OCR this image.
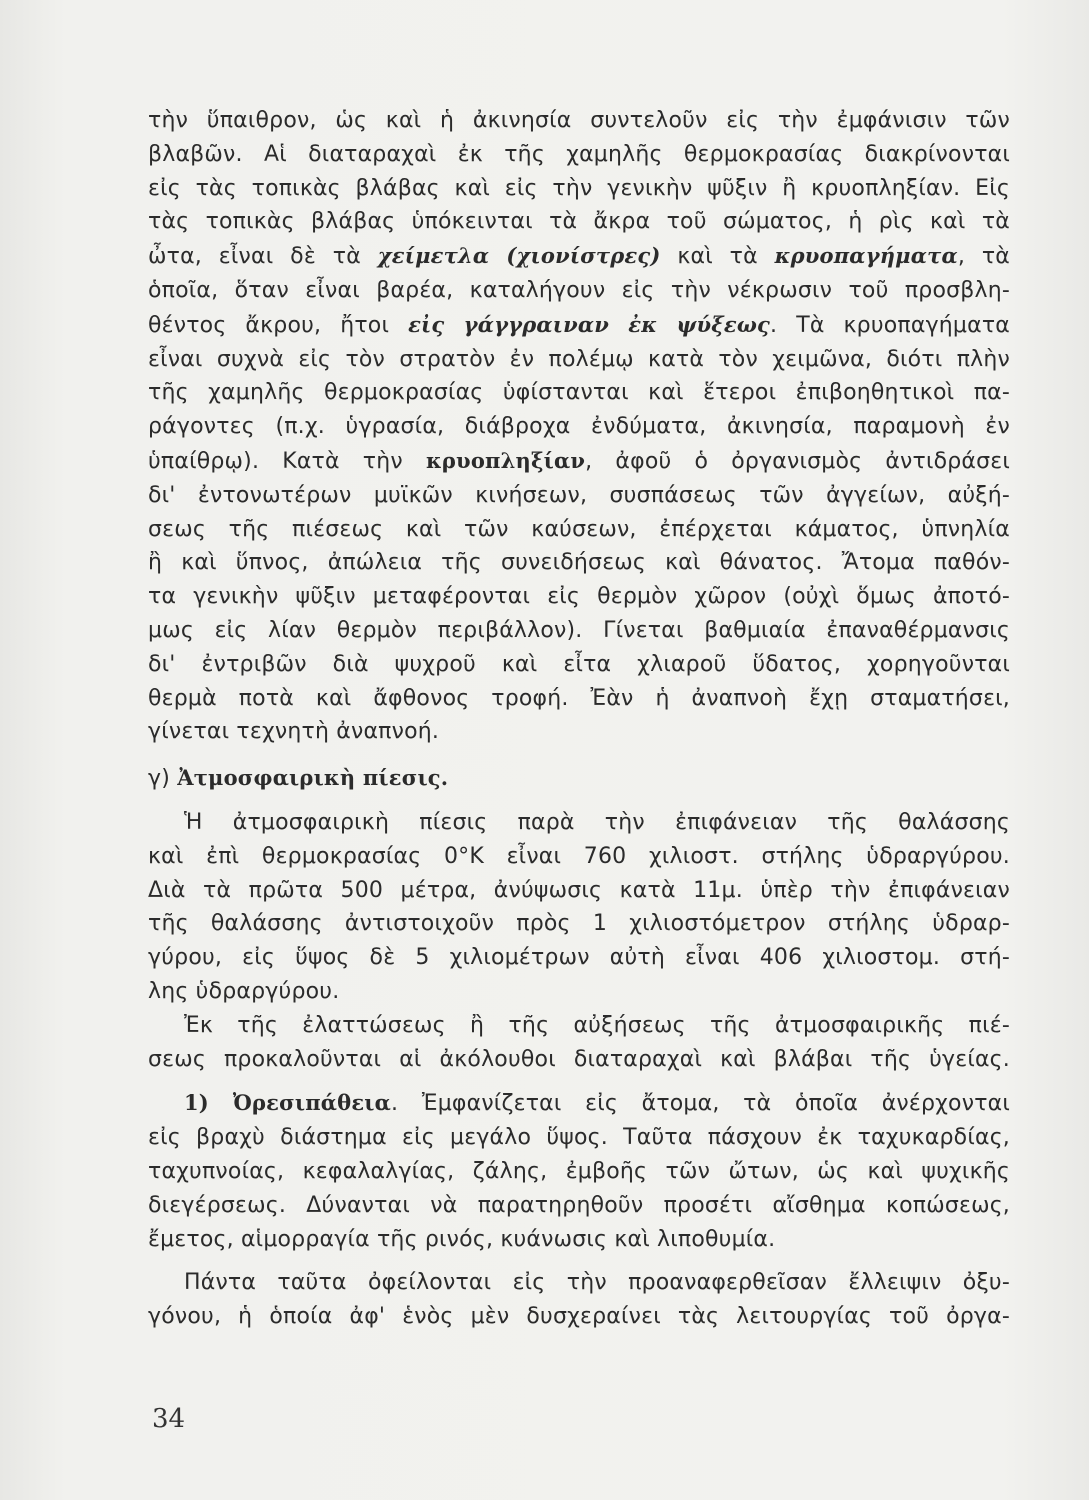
τὴν ὕπαιθρον, ὡς καὶ ἡ ἀκινησία συντελοῦν εἰς τὴν ἐμφάνισιν τῶν
βλαβῶν. Αἱ διαταραχαὶ ἐκ τῆς χαμηλῆς θερμοκρασίας διακρίνονται
εἰς τὰς τοπικὰς βλάβας καὶ εἰς τὴν γενικὴν ψῦξιν ἢ κρυοπληξίαν. Εἰς
τὰς τοπικὰς βλάβας ὑπόκεινται τὰ ἄκρα τοῦ σώματος, ἡ ρὶς καὶ τὰ
ὦτα, εἶναι δὲ τὰ χείμετλα (χιονίστρες) καὶ τὰ κρυοπαγήματα, τὰ
ὁποῖα, ὅταν εἶναι βαρέα, καταλήγουν εἰς τὴν νέκρωσιν τοῦ προσβλη-
θέντος ἄκρου, ἤτοι εἰς γάγγραιναν ἐκ ψύξεως. Τὰ κρυοπαγήματα
εἶναι συχνὰ εἰς τὸν στρατὸν ἐν πολέμῳ κατὰ τὸν χειμῶνα, διότι πλὴν
τῆς χαμηλῆς θερμοκρασίας ὑφίστανται καὶ ἕτεροι ἐπιβοηθητικοὶ πα-
ράγοντες (π.χ. ὑγρασία, διάβροχα ἐνδύματα, ἀκινησία, παραμονὴ ἐν
ὑπαίθρῳ). Κατὰ τὴν κρυοπληξίαν, ἀφοῦ ὁ ὀργανισμὸς ἀντιδράσει
δι' ἐντονωτέρων μυϊκῶν κινήσεων, συσπάσεως τῶν ἀγγείων, αὐξή-
σεως τῆς πιέσεως καὶ τῶν καύσεων, ἐπέρχεται κάματος, ὑπνηλία
ἢ καὶ ὕπνος, ἀπώλεια τῆς συνειδήσεως καὶ θάνατος. Ἄτομα παθόν-
τα γενικὴν ψῦξιν μεταφέρονται εἰς θερμὸν χῶρον (οὐχὶ ὅμως ἀποτό-
μως εἰς λίαν θερμὸν περιβάλλον). Γίνεται βαθμιαία ἐπαναθέρμανσις
δι' ἐντριβῶν διὰ ψυχροῦ καὶ εἶτα χλιαροῦ ὕδατος, χορηγοῦνται
θερμὰ ποτὰ καὶ ἄφθονος τροφή. Ἐὰν ἡ ἀναπνοὴ ἔχῃ σταματήσει,
γίνεται τεχνητὴ ἀναπνοή.
γ) Ἀτμοσφαιρικὴ πίεσις.
Ἡ ἀτμοσφαιρικὴ πίεσις παρὰ τὴν ἐπιφάνειαν τῆς θαλάσσης
καὶ ἐπὶ θερμοκρασίας 0°K εἶναι 760 χιλιοστ. στήλης ὑδραργύρου.
Διὰ τὰ πρῶτα 500 μέτρα, ἀνύψωσις κατὰ 11μ. ὑπὲρ τὴν ἐπιφάνειαν
τῆς θαλάσσης ἀντιστοιχοῦν πρὸς 1 χιλιοστόμετρον στήλης ὑδραρ-
γύρου, εἰς ὕψος δὲ 5 χιλιομέτρων αὐτὴ εἶναι 406 χιλιοστομ. στή-
λης ὑδραργύρου.
Ἐκ τῆς ἐλαττώσεως ἢ τῆς αὐξήσεως τῆς ἀτμοσφαιρικῆς πιέ-
σεως προκαλοῦνται αἱ ἀκόλουθοι διαταραχαὶ καὶ βλάβαι τῆς ὑγείας.
1) Ὀρεσιπάθεια. Ἐμφανίζεται εἰς ἄτομα, τὰ ὁποῖα ἀνέρχονται
εἰς βραχὺ διάστημα εἰς μεγάλο ὕψος. Ταῦτα πάσχουν ἐκ ταχυκαρδίας,
ταχυπνοίας, κεφαλαλγίας, ζάλης, ἐμβοῆς τῶν ὤτων, ὡς καὶ ψυχικῆς
διεγέρσεως. Δύνανται νὰ παρατηρηθοῦν προσέτι αἴσθημα κοπώσεως,
ἔμετος, αἱμορραγία τῆς ρινός, κυάνωσις καὶ λιποθυμία.
Πάντα ταῦτα ὀφείλονται εἰς τὴν προαναφερθεῖσαν ἔλλειψιν ὀξυ-
γόνου, ἡ ὁποία ἀφ' ἑνὸς μὲν δυσχεραίνει τὰς λειτουργίας τοῦ ὀργα-
34
